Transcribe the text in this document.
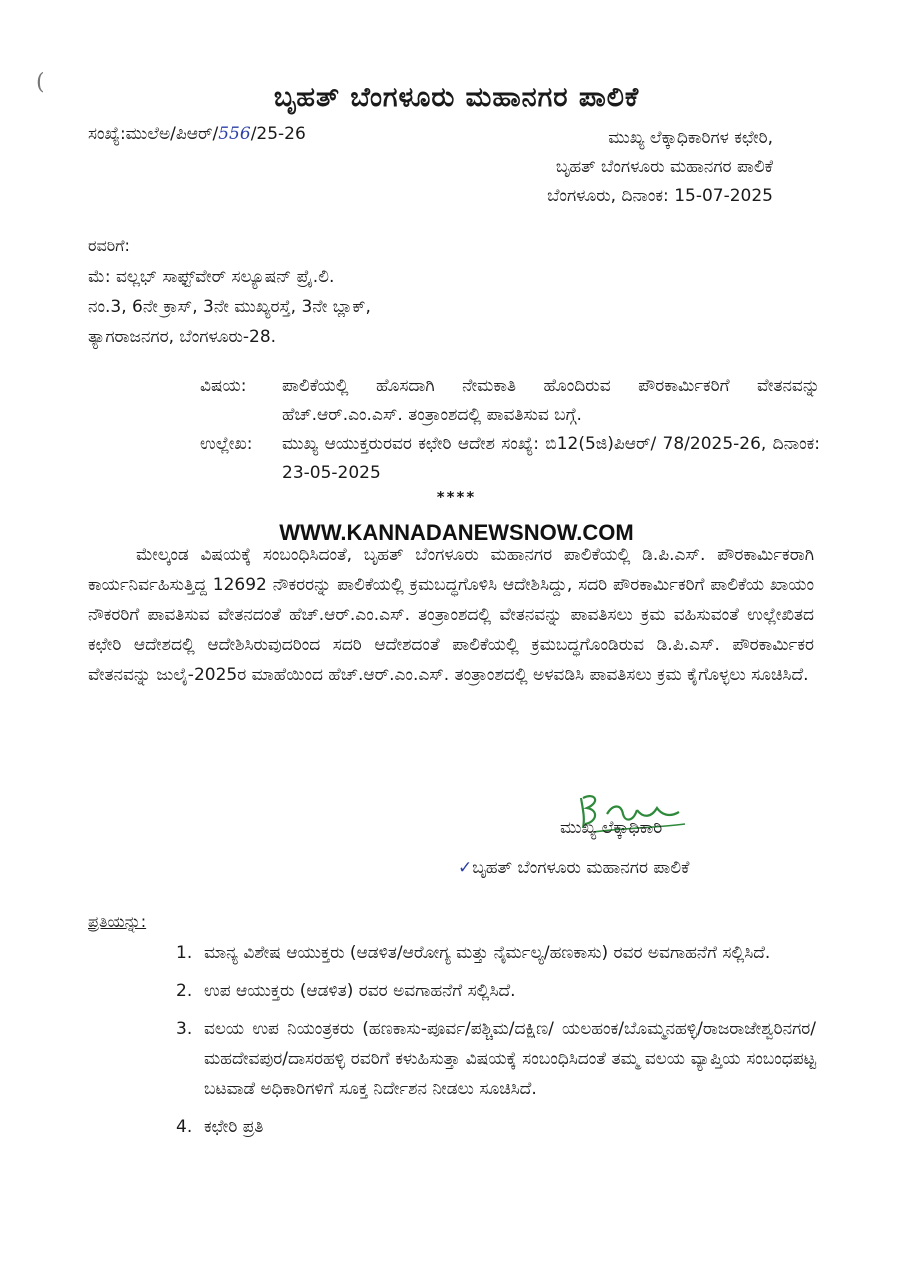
(	ಬೃಹತ್ ಬೆಂಗಳೂರು ಮಹಾನಗರ ಪಾಲಿಕೆ
ಸಂಖ್ಯೆ:ಮುಲೆಅ/ಪಿಆರ್/556/25-26	ಮುಖ್ಯ ಲೆಕ್ಕಾಧಿಕಾರಿಗಳ ಕಛೇರಿ,
ಬೃಹತ್ ಬೆಂಗಳೂರು ಮಹಾನಗರ ಪಾಲಿಕೆ
ಬೆಂಗಳೂರು, ದಿನಾಂಕ: 15-07-2025
ರವರಿಗೆ:
ಮೆ: ವಲ್ಲಭ್ ಸಾಫ್ಟ್‌ವೇರ್ ಸಲ್ಯೂಷನ್ ಪ್ರೈ.ಲಿ.
ನಂ.3, 6ನೇ ಕ್ರಾಸ್, 3ನೇ ಮುಖ್ಯರಸ್ತೆ, 3ನೇ ಬ್ಲಾಕ್,
ತ್ಯಾಗರಾಜನಗರ, ಬೆಂಗಳೂರು-28.
ವಿಷಯ:	ಪಾಲಿಕೆಯಲ್ಲಿ ಹೊಸದಾಗಿ ನೇಮಕಾತಿ ಹೊಂದಿರುವ ಪೌರಕಾರ್ಮಿಕರಿಗೆ ವೇತನವನ್ನು ಹೆಚ್.ಆರ್.ಎಂ.ಎಸ್. ತಂತ್ರಾಂಶದಲ್ಲಿ ಪಾವತಿಸುವ ಬಗ್ಗೆ.
ಉಲ್ಲೇಖ:	ಮುಖ್ಯ ಆಯುಕ್ತರುರವರ ಕಛೇರಿ ಆದೇಶ ಸಂಖ್ಯೆ: ಬಿ12(5ಜಿ)ಪಿಆರ್/ 78/2025-26, ದಿನಾಂಕ: 23-05-2025
****
ಮೇಲ್ಕಂಡ ವಿಷಯಕ್ಕೆ ಸಂಬಂಧಿಸಿದಂತೆ, ಬೃಹತ್ ಬೆಂಗಳೂರು ಮಹಾನಗರ ಪಾಲಿಕೆಯಲ್ಲಿ ಡಿ.ಪಿ.ಎಸ್. ಪೌರಕಾರ್ಮಿಕರಾಗಿ ಕಾರ್ಯನಿರ್ವಹಿಸುತ್ತಿದ್ದ 12692 ನೌಕರರನ್ನು ಪಾಲಿಕೆಯಲ್ಲಿ ಕ್ರಮಬದ್ಧಗೊಳಿಸಿ ಆದೇಶಿಸಿದ್ದು, ಸದರಿ ಪೌರಕಾರ್ಮಿಕರಿಗೆ ಪಾಲಿಕೆಯ ಖಾಯಂ ನೌಕರರಿಗೆ ಪಾವತಿಸುವ ವೇತನದಂತೆ ಹೆಚ್.ಆರ್.ಎಂ.ಎಸ್. ತಂತ್ರಾಂಶದಲ್ಲಿ ವೇತನವನ್ನು ಪಾವತಿಸಲು ಕ್ರಮ ವಹಿಸುವಂತೆ ಉಲ್ಲೇಖಿತದ ಕಛೇರಿ ಆದೇಶದಲ್ಲಿ ಆದೇಶಿಸಿರುವುದರಿಂದ ಸದರಿ ಆದೇಶದಂತೆ ಪಾಲಿಕೆಯಲ್ಲಿ ಕ್ರಮಬದ್ಧಗೊಂಡಿರುವ ಡಿ.ಪಿ.ಎಸ್. ಪೌರಕಾರ್ಮಿಕರ ವೇತನವನ್ನು ಜುಲೈ-2025ರ ಮಾಹೆಯಿಂದ ಹೆಚ್.ಆರ್.ಎಂ.ಎಸ್. ತಂತ್ರಾಂಶದಲ್ಲಿ ಅಳವಡಿಸಿ ಪಾವತಿಸಲು ಕ್ರಮ ಕೈಗೊಳ್ಳಲು ಸೂಚಿಸಿದೆ.
WWW.KANNADANEWSNOW.COM
ಮುಖ್ಯ ಲೆಕ್ಕಾಧಿಕಾರಿ
✓ಬೃಹತ್ ಬೆಂಗಳೂರು ಮಹಾನಗರ ಪಾಲಿಕೆ
ಪ್ರತಿಯನ್ನು:
1. ಮಾನ್ಯ ವಿಶೇಷ ಆಯುಕ್ತರು (ಆಡಳಿತ/ಆರೋಗ್ಯ ಮತ್ತು ನೈರ್ಮಲ್ಯ/ಹಣಕಾಸು) ರವರ ಅವಗಾಹನೆಗೆ ಸಲ್ಲಿಸಿದೆ.
2. ಉಪ ಆಯುಕ್ತರು (ಆಡಳಿತ) ರವರ ಅವಗಾಹನೆಗೆ ಸಲ್ಲಿಸಿದೆ.
3. ವಲಯ ಉಪ ನಿಯಂತ್ರಕರು (ಹಣಕಾಸು-ಪೂರ್ವ/ಪಶ್ಚಿಮ/ದಕ್ಷಿಣ/ ಯಲಹಂಕ/ಬೊಮ್ಮನಹಳ್ಳಿ/ರಾಜರಾಜೇಶ್ವರಿನಗರ/ಮಹದೇವಪುರ/ದಾಸರಹಳ್ಳಿ ರವರಿಗೆ ಕಳುಹಿಸುತ್ತಾ ವಿಷಯಕ್ಕೆ ಸಂಬಂಧಿಸಿದಂತೆ ತಮ್ಮ ವಲಯ ವ್ಯಾಪ್ತಿಯ ಸಂಬಂಧಪಟ್ಟ ಬಟವಾಡೆ ಅಧಿಕಾರಿಗಳಿಗೆ ಸೂಕ್ತ ನಿರ್ದೇಶನ ನೀಡಲು ಸೂಚಿಸಿದೆ.
4. ಕಛೇರಿ ಪ್ರತಿ
